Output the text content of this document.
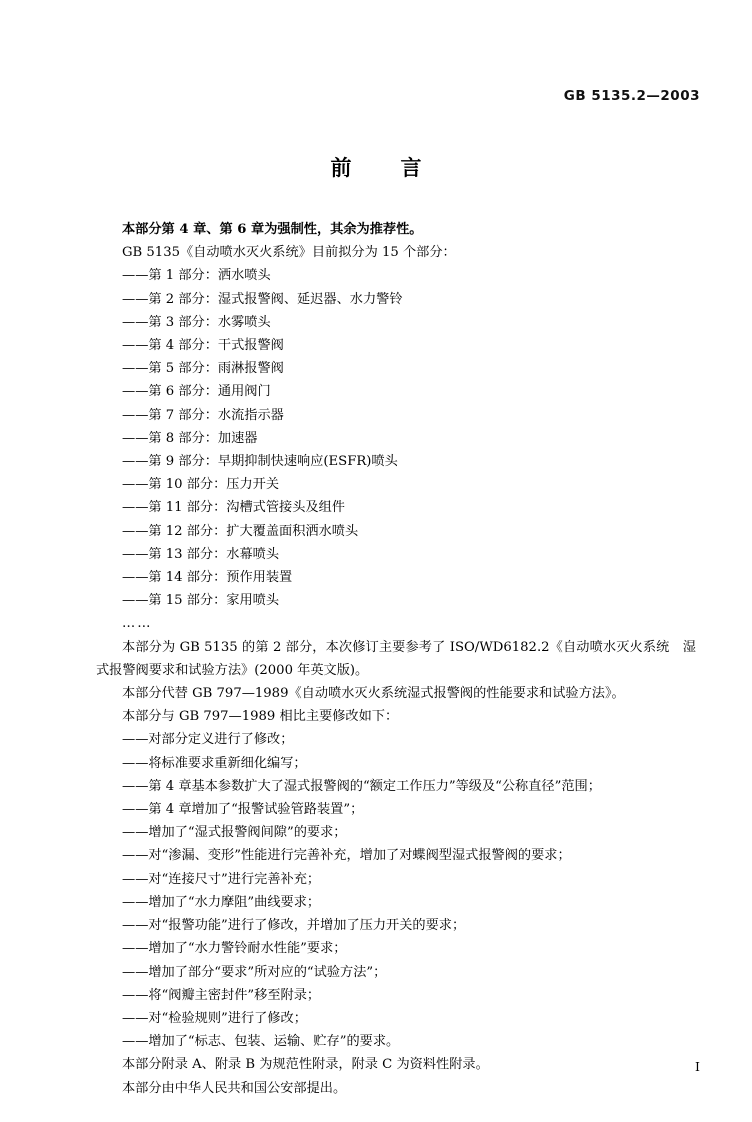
GB 5135.2—2003
前　言

本部分第 4 章、第 6 章为强制性，其余为推荐性。

GB 5135《自动喷水灭火系统》目前拟分为 15 个部分：

——第 1 部分：洒水喷头

——第 2 部分：湿式报警阀、延迟器、水力警铃

——第 3 部分：水雾喷头

——第 4 部分：干式报警阀

——第 5 部分：雨淋报警阀

——第 6 部分：通用阀门

——第 7 部分：水流指示器

——第 8 部分：加速器

——第 9 部分：早期抑制快速响应(ESFR)喷头

——第 10 部分：压力开关

——第 11 部分：沟槽式管接头及组件

——第 12 部分：扩大覆盖面积洒水喷头

——第 13 部分：水幕喷头

——第 14 部分：预作用装置

——第 15 部分：家用喷头

……

本部分为 GB 5135 的第 2 部分，本次修订主要参考了 ISO/WD6182.2《自动喷水灭火系统　湿式报警阀要求和试验方法》(2000 年英文版)。

本部分代替 GB 797—1989《自动喷水灭火系统湿式报警阀的性能要求和试验方法》。

本部分与 GB 797—1989 相比主要修改如下：

——对部分定义进行了修改；

——将标准要求重新细化编写；

——第 4 章基本参数扩大了湿式报警阀的“额定工作压力”等级及“公称直径”范围；

——第 4 章增加了“报警试验管路装置”；

——增加了“湿式报警阀间隙”的要求；

——对“渗漏、变形”性能进行完善补充，增加了对蝶阀型湿式报警阀的要求；

——对“连接尺寸”进行完善补充；

——增加了“水力摩阻”曲线要求；

——对“报警功能”进行了修改，并增加了压力开关的要求；

——增加了“水力警铃耐水性能”要求；

——增加了部分“要求”所对应的“试验方法”；

——将“阀瓣主密封件”移至附录；

——对“检验规则”进行了修改；

——增加了“标志、包装、运输、贮存”的要求。

本部分附录 A、附录 B 为规范性附录，附录 C 为资料性附录。

本部分由中华人民共和国公安部提出。

I
